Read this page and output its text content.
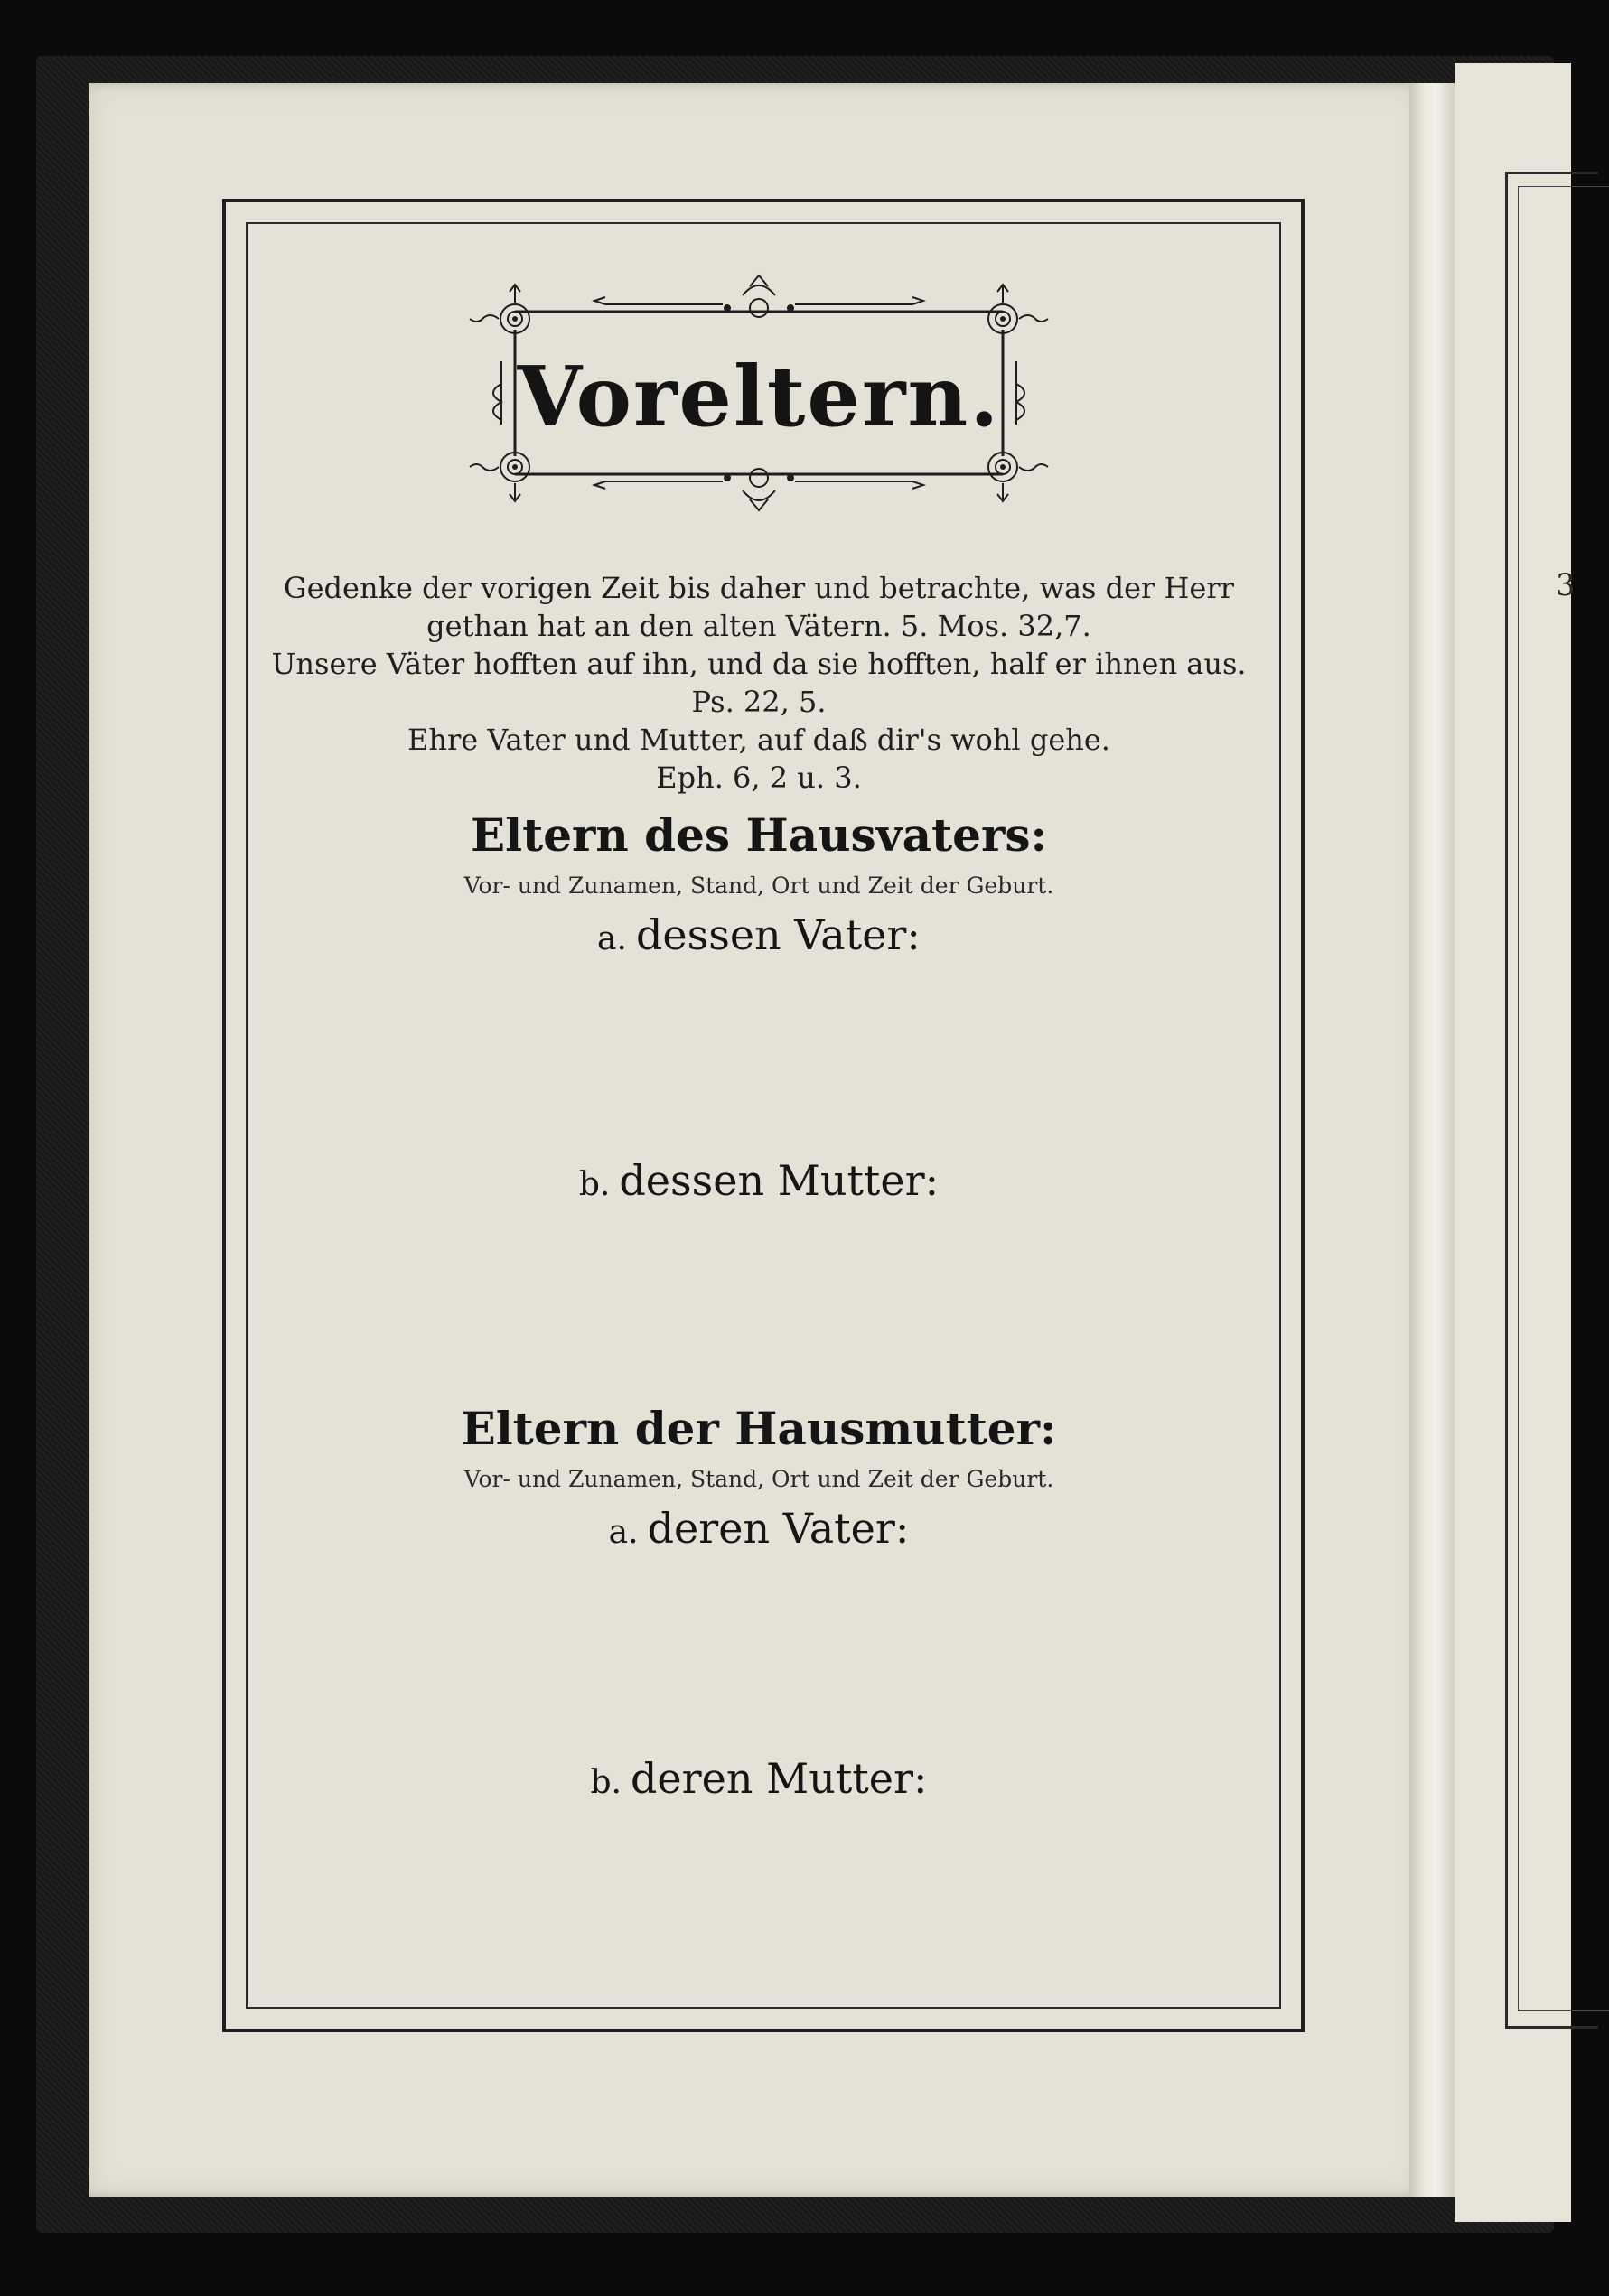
3
Voreltern.
Gedenke der vorigen Zeit bis daher und betrachte, was der Herr
gethan hat an den alten Vätern. 5. Mos. 32,7.
Unsere Väter hofften auf ihn, und da sie hofften, half er ihnen aus.
Ps. 22, 5.
Ehre Vater und Mutter, auf daß dir's wohl gehe.
Eph. 6, 2 u. 3.
Eltern des Hausvaters:
Vor- und Zunamen, Stand, Ort und Zeit der Geburt.
a. dessen Vater:
b. dessen Mutter:
Eltern der Hausmutter:
Vor- und Zunamen, Stand, Ort und Zeit der Geburt.
a. deren Vater:
b. deren Mutter:
